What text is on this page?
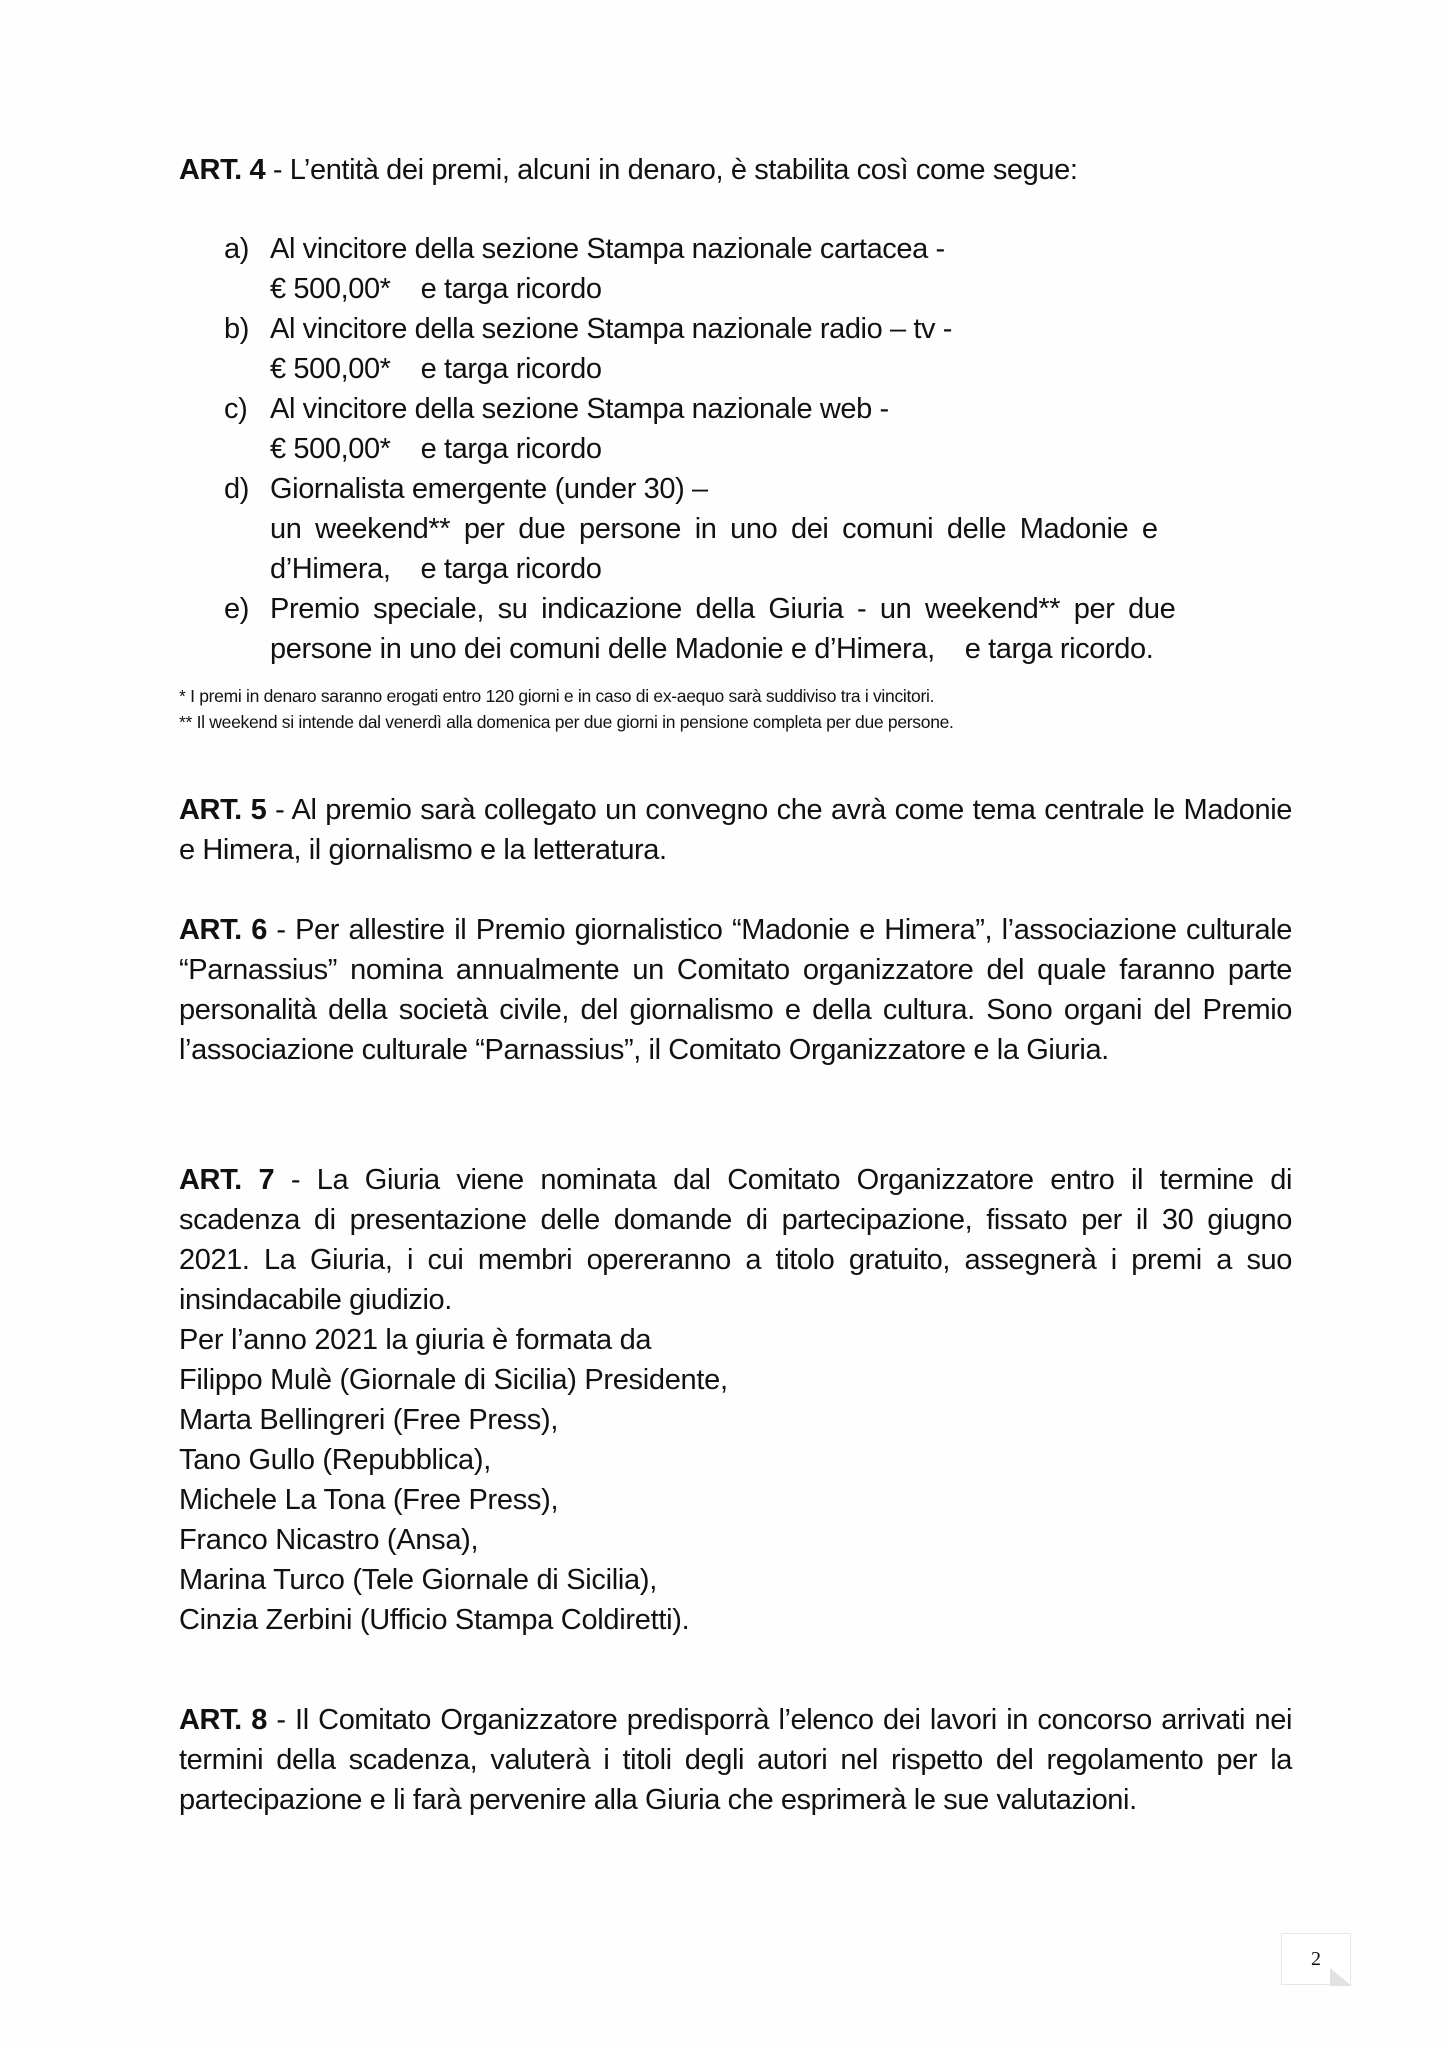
ART. 4 - L’entità dei premi, alcuni in denaro, è stabilita così come segue:
a) Al vincitore della sezione Stampa nazionale cartacea -
€ 500,00* e targa ricordo
b) Al vincitore della sezione Stampa nazionale radio – tv -
€ 500,00* e targa ricordo
c) Al vincitore della sezione Stampa nazionale web -
€ 500,00* e targa ricordo
d) Giornalista emergente (under 30) –
un weekend** per due persone in uno dei comuni delle Madonie e
d’Himera, e targa ricordo
e) Premio speciale, su indicazione della Giuria - un weekend** per due
persone in uno dei comuni delle Madonie e d’Himera, e targa ricordo.
* I premi in denaro saranno erogati entro 120 giorni e in caso di ex-aequo sarà suddiviso tra i vincitori.
** Il weekend si intende dal venerdì alla domenica per due giorni in pensione completa per due persone.
ART. 5 - Al premio sarà collegato un convegno che avrà come tema centrale le Madonie e Himera, il giornalismo e la letteratura.
ART. 6 - Per allestire il Premio giornalistico “Madonie e Himera”, l’associazione culturale “Parnassius” nomina annualmente un Comitato organizzatore del quale faranno parte personalità della società civile, del giornalismo e della cultura. Sono organi del Premio l’associazione culturale “Parnassius”, il Comitato Organizzatore e la Giuria.
ART. 7 - La Giuria viene nominata dal Comitato Organizzatore entro il termine di scadenza di presentazione delle domande di partecipazione, fissato per il 30 giugno 2021. La Giuria, i cui membri opereranno a titolo gratuito, assegnerà i premi a suo insindacabile giudizio.
Per l’anno 2021 la giuria è formata da
Filippo Mulè (Giornale di Sicilia) Presidente,
Marta Bellingreri (Free Press),
Tano Gullo (Repubblica),
Michele La Tona (Free Press),
Franco Nicastro (Ansa),
Marina Turco (Tele Giornale di Sicilia),
Cinzia Zerbini (Ufficio Stampa Coldiretti).
ART. 8 - Il Comitato Organizzatore predisporrà l’elenco dei lavori in concorso arrivati nei termini della scadenza, valuterà i titoli degli autori nel rispetto del regolamento per la partecipazione e li farà pervenire alla Giuria che esprimerà le sue valutazioni.
2
